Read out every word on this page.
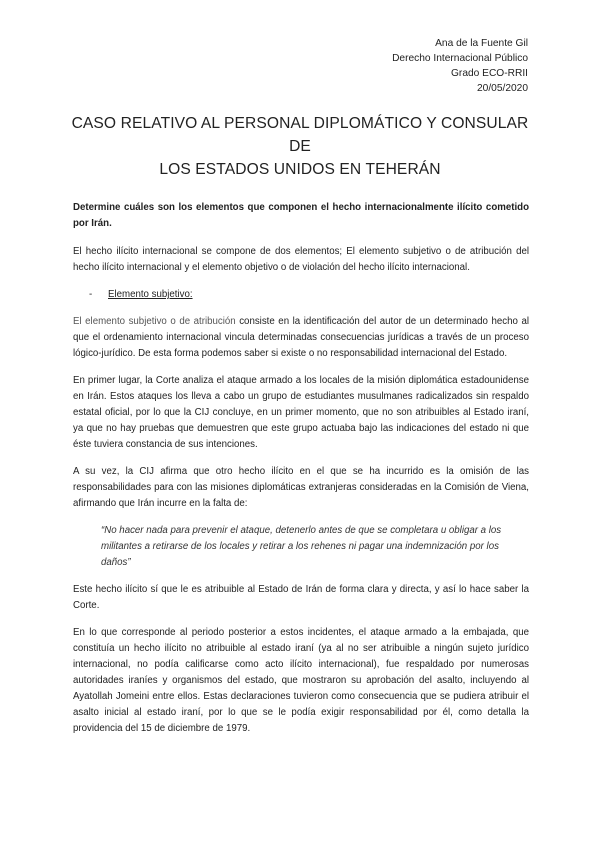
Ana de la Fuente Gil
Derecho Internacional Público
Grado ECO-RRII
20/05/2020
CASO RELATIVO AL PERSONAL DIPLOMÁTICO Y CONSULAR DE
LOS ESTADOS UNIDOS EN TEHERÁN

Determine cuáles son los elementos que componen el hecho internacionalmente ilícito cometido por Irán.

El hecho ilícito internacional se compone de dos elementos; El elemento subjetivo o de atribución del hecho ilícito internacional y el elemento objetivo o de violación del hecho ilícito internacional.

-	Elemento subjetivo:

El elemento subjetivo o de atribución consiste en la identificación del autor de un determinado hecho al que el ordenamiento internacional vincula determinadas consecuencias jurídicas a través de un proceso lógico-jurídico. De esta forma podemos saber si existe o no responsabilidad internacional del Estado.

En primer lugar, la Corte analiza el ataque armado a los locales de la misión diplomática estadounidense en Irán. Estos ataques los lleva a cabo un grupo de estudiantes musulmanes radicalizados sin respaldo estatal oficial, por lo que la CIJ concluye, en un primer momento, que no son atribuibles al Estado iraní, ya que no hay pruebas que demuestren que este grupo actuaba bajo las indicaciones del estado ni que éste tuviera constancia de sus intenciones.

A su vez, la CIJ afirma que otro hecho ilícito en el que se ha incurrido es la omisión de las responsabilidades para con las misiones diplomáticas extranjeras consideradas en la Comisión de Viena, afirmando que Irán incurre en la falta de:

“No hacer nada para prevenir el ataque, detenerlo antes de que se completara u obligar a los militantes a retirarse de los locales y retirar a los rehenes ni pagar una indemnización por los daños”

Este hecho ilícito sí que le es atribuible al Estado de Irán de forma clara y directa, y así lo hace saber la Corte.

En lo que corresponde al periodo posterior a estos incidentes, el ataque armado a la embajada, que constituía un hecho ilícito no atribuible al estado iraní (ya al no ser atribuible a ningún sujeto jurídico internacional, no podía calificarse como acto ilícito internacional), fue respaldado por numerosas autoridades iraníes y organismos del estado, que mostraron su aprobación del asalto, incluyendo al Ayatollah Jomeini entre ellos. Estas declaraciones tuvieron como consecuencia que se pudiera atribuir el asalto inicial al estado iraní, por lo que se le podía exigir responsabilidad por él, como detalla la providencia del 15 de diciembre de 1979.
